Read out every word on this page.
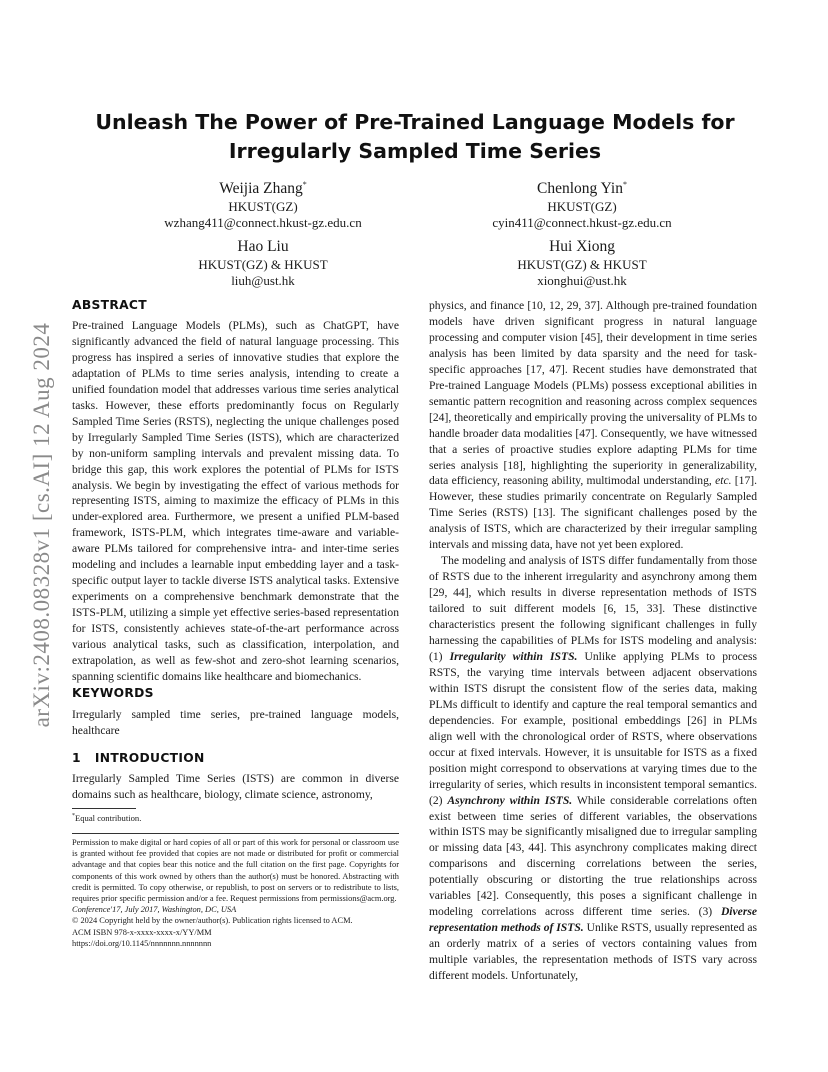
arXiv:2408.08328v1 [cs.AI] 12 Aug 2024
Unleash The Power of Pre-Trained Language Models for
Irregularly Sampled Time Series
Weijia Zhang*
HKUST(GZ)
wzhang411@connect.hkust-gz.edu.cn
Chenlong Yin*
HKUST(GZ)
cyin411@connect.hkust-gz.edu.cn
Hao Liu
HKUST(GZ) & HKUST
liuh@ust.hk
Hui Xiong
HKUST(GZ) & HKUST
xionghui@ust.hk
ABSTRACT

Pre-trained Language Models (PLMs), such as ChatGPT, have significantly advanced the field of natural language processing. This progress has inspired a series of innovative studies that explore the adaptation of PLMs to time series analysis, intending to create a unified foundation model that addresses various time series analytical tasks. However, these efforts predominantly focus on Regularly Sampled Time Series (RSTS), neglecting the unique challenges posed by Irregularly Sampled Time Series (ISTS), which are characterized by non-uniform sampling intervals and prevalent missing data. To bridge this gap, this work explores the potential of PLMs for ISTS analysis. We begin by investigating the effect of various methods for representing ISTS, aiming to maximize the efficacy of PLMs in this under-explored area. Furthermore, we present a unified PLM-based framework, ISTS-PLM, which integrates time-aware and variable-aware PLMs tailored for comprehensive intra- and inter-time series modeling and includes a learnable input embedding layer and a task-specific output layer to tackle diverse ISTS analytical tasks. Extensive experiments on a comprehensive benchmark demonstrate that the ISTS-PLM, utilizing a simple yet effective series-based representation for ISTS, consistently achieves state-of-the-art performance across various analytical tasks, such as classification, interpolation, and extrapolation, as well as few-shot and zero-shot learning scenarios, spanning scientific domains like healthcare and biomechanics.

KEYWORDS

Irregularly sampled time series, pre-trained language models, healthcare

1 INTRODUCTION

Irregularly Sampled Time Series (ISTS) are common in diverse domains such as healthcare, biology, climate science, astronomy,

*Equal contribution.
Permission to make digital or hard copies of all or part of this work for personal or classroom use is granted without fee provided that copies are not made or distributed for profit or commercial advantage and that copies bear this notice and the full citation on the first page. Copyrights for components of this work owned by others than the author(s) must be honored. Abstracting with credit is permitted. To copy otherwise, or republish, to post on servers or to redistribute to lists, requires prior specific permission and/or a fee. Request permissions from permissions@acm.org.
Conference'17, July 2017, Washington, DC, USA
© 2024 Copyright held by the owner/author(s). Publication rights licensed to ACM.
ACM ISBN 978-x-xxxx-xxxx-x/YY/MM
https://doi.org/10.1145/nnnnnnn.nnnnnnn

physics, and finance [10, 12, 29, 37]. Although pre-trained foundation models have driven significant progress in natural language processing and computer vision [45], their development in time series analysis has been limited by data sparsity and the need for task-specific approaches [17, 47]. Recent studies have demonstrated that Pre-trained Language Models (PLMs) possess exceptional abilities in semantic pattern recognition and reasoning across complex sequences [24], theoretically and empirically proving the universality of PLMs to handle broader data modalities [47]. Consequently, we have witnessed that a series of proactive studies explore adapting PLMs for time series analysis [18], highlighting the superiority in generalizability, data efficiency, reasoning ability, multimodal understanding, etc. [17]. However, these studies primarily concentrate on Regularly Sampled Time Series (RSTS) [13]. The significant challenges posed by the analysis of ISTS, which are characterized by their irregular sampling intervals and missing data, have not yet been explored.

The modeling and analysis of ISTS differ fundamentally from those of RSTS due to the inherent irregularity and asynchrony among them [29, 44], which results in diverse representation methods of ISTS tailored to suit different models [6, 15, 33]. These distinctive characteristics present the following significant challenges in fully harnessing the capabilities of PLMs for ISTS modeling and analysis: (1) Irregularity within ISTS. Unlike applying PLMs to process RSTS, the varying time intervals between adjacent observations within ISTS disrupt the consistent flow of the series data, making PLMs difficult to identify and capture the real temporal semantics and dependencies. For example, positional embeddings [26] in PLMs align well with the chronological order of RSTS, where observations occur at fixed intervals. However, it is unsuitable for ISTS as a fixed position might correspond to observations at varying times due to the irregularity of series, which results in inconsistent temporal semantics. (2) Asynchrony within ISTS. While considerable correlations often exist between time series of different variables, the observations within ISTS may be significantly misaligned due to irregular sampling or missing data [43, 44]. This asynchrony complicates making direct comparisons and discerning correlations between the series, potentially obscuring or distorting the true relationships across variables [42]. Consequently, this poses a significant challenge in modeling correlations across different time series. (3) Diverse representation methods of ISTS. Unlike RSTS, usually represented as an orderly matrix of a series of vectors containing values from multiple variables, the representation methods of ISTS vary across different models. Unfortunately,
